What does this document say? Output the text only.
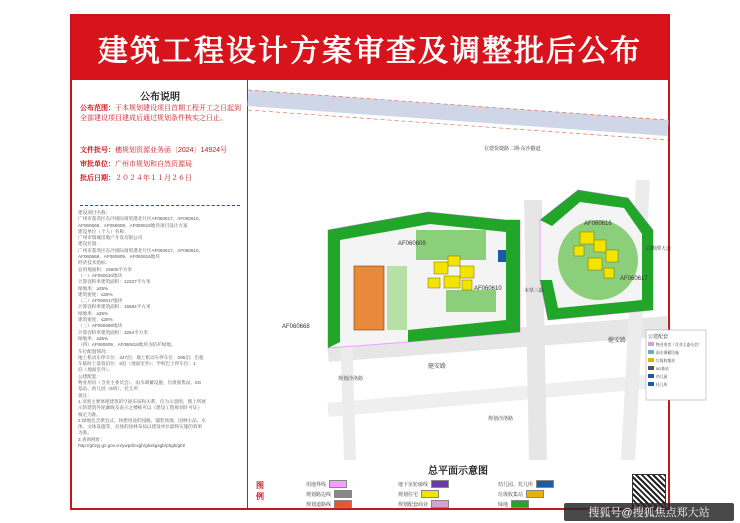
建筑工程设计方案审查及调整批后公布
公布说明
公布范围：于本规划建设项目首期工程开工之日起到全部建设项目建成后通过规划条件核实之日止。
文件批号：穗规划资源业务函〔2024〕14924号
审批单位：广州市规划和自然资源局
批后日期：２０２４年１１月２６日
建设项目名称：
广州市荔湾区东沙国际商贸港北片区AF060617、AF060610、
AF060668、AF060609、AF060616地块项目设计方案
建设单位（个人）名称：
广州市瑞城房地产开发有限公司
建设位置：
广州市荔湾区东沙国际商贸港北片区AF060617、AF060610、
AF060668、AF060609、AF060616地块
经济技术指标：
总用地面积：15600平方米
（一）AF060610地块
计算容积率建筑面积：12327平方米
绿地率：≥35%
建筑密度：≤28%
（二）AF060617地块
计算容积率建筑面积：15684平方米
绿地率：≥35%
建筑密度：≤28%
（三）AF060668地块
计算容积率建筑面积：3264平方米
绿地率：≥35%
（四）AF060609、AF060616地块为防护绿地。
车位配置情况：
地上机动车停车位：347泊；地上机动车停车位：295泊；出租
车临时上落客泊位：6泊（地面室外）；学校巴士停车位：1
泊（地面室外）。
公建配套：
物业用房（含业主委员会）、雨水调蓄设施、垃圾收集站、5G
基站、幼儿园（6班）、托儿所
备注：
1.亲围主要体现建筑的空间布局和关系，仅为示意图，图上所展
示的建筑外轮廓线及表示之楼栋可以《建设工程规划许可证》
核定为准。
2.绿地包含供室式、休憩用途的园路、铺装场地、园林小品、水
体、文体设施等，具体的园林布局以建设单位最终实施的效果
为准。
3.查询网址：
http://ghzyj.gz.gov.cn/ywpd/cxgh/ghxkgsgb/phgb/gbt/
在建快捷路二期-东沙隧道
健安路
健安路
规划沙洛路
本草三路
规划沙洛路
白鹅潭大道
AF060668
AF060610
AF060617
AF060609
AF060616
公建配套
物业用房（含业主委员会）
雨水调蓄设施
垃圾收集站
5G基站
幼儿园
托儿所
总平面示意图
图例
用地界线	地下室轮廓线	幼儿园、托儿所
规划路边线	规划住宅	垃圾收集站
规划道路线	规划配套商业	绿地
搜狐号@搜狐焦点郑大站
